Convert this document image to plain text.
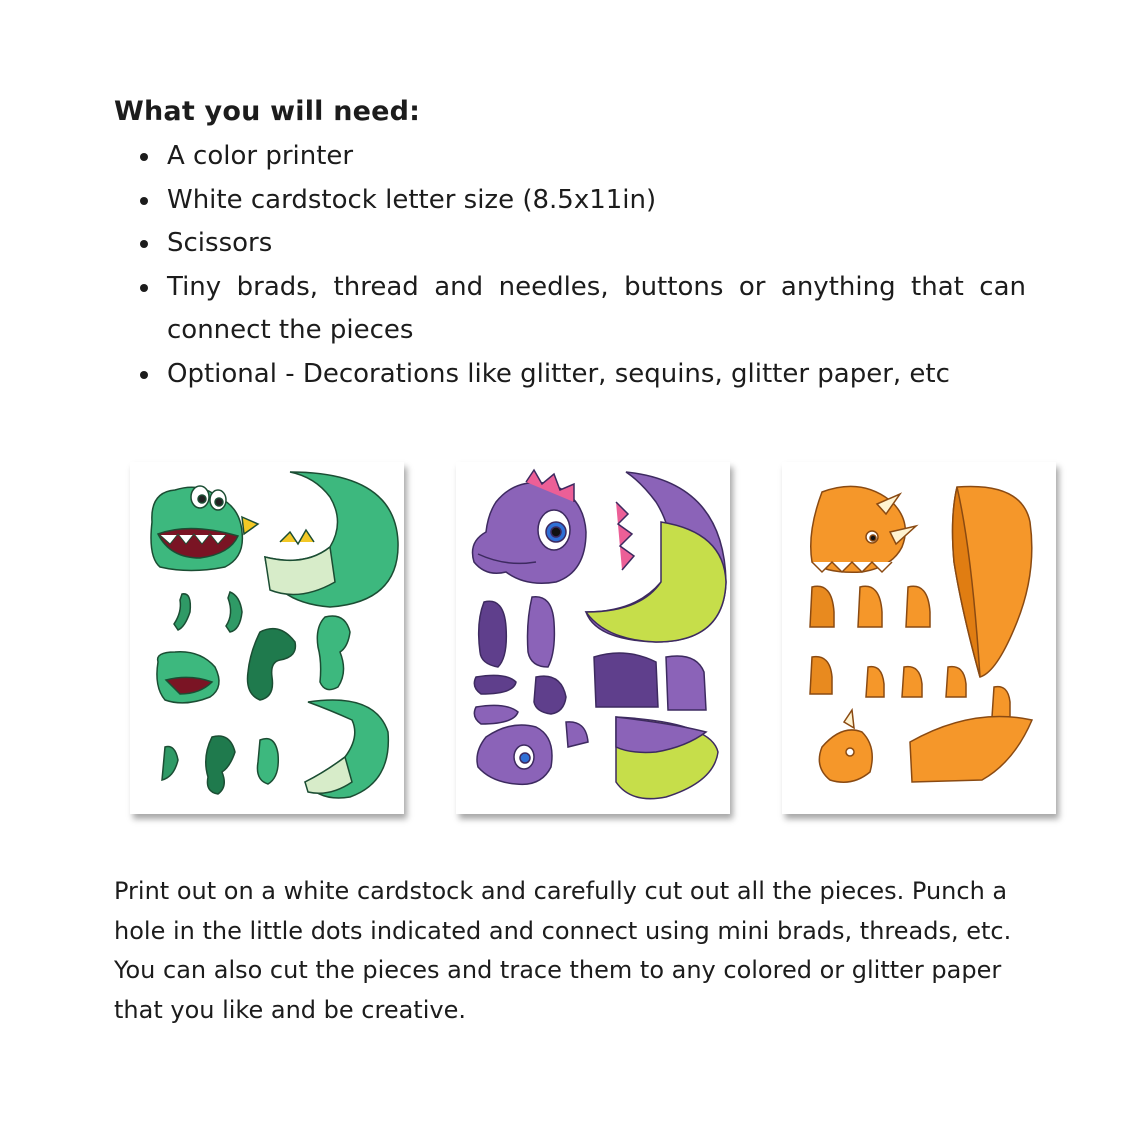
What you will need:
A color printer
White cardstock letter size (8.5x11in)
Scissors
Tiny brads, thread and needles, buttons or anything that can connect the pieces
Optional - Decorations like glitter, sequins, glitter paper, etc

Print out on a white cardstock and carefully cut out all the pieces. Punch a hole in the little dots indicated and connect using mini brads, threads, etc. You can also cut the pieces and trace them to any colored or glitter paper that you like and be creative.
